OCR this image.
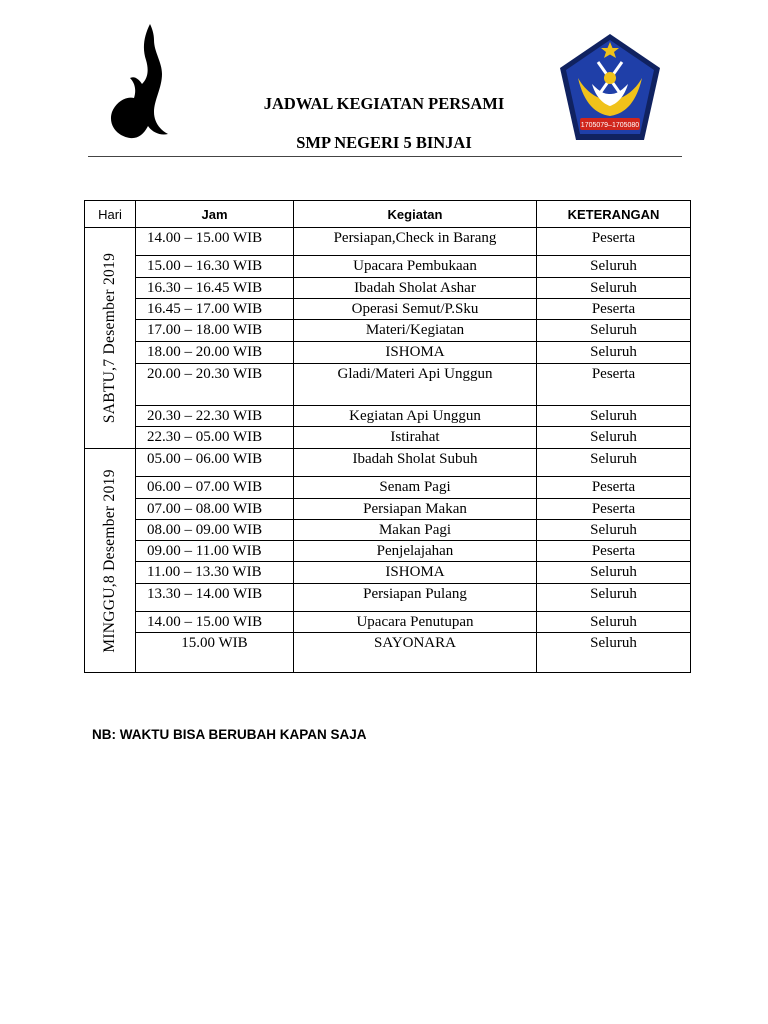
1705079–1705080
JADWAL KEGIATAN PERSAMI
SMP NEGERI 5 BINJAI
Hari	Jam	Kegiatan	KETERANGAN

SABTU,7 Desember 2019	14.00 – 15.00 WIB	Persiapan,Check in Barang	Peserta
	15.00 – 16.30 WIB	Upacara Pembukaan	Seluruh
	16.30 – 16.45 WIB	Ibadah Sholat Ashar	Seluruh
	16.45 – 17.00 WIB	Operasi Semut/P.Sku	Peserta
	17.00 – 18.00 WIB	Materi/Kegiatan	Seluruh
	18.00 – 20.00 WIB	ISHOMA	Seluruh
	20.00 – 20.30 WIB	Gladi/Materi Api Unggun	Peserta
	20.30 – 22.30 WIB	Kegiatan Api Unggun	Seluruh
	22.30 – 05.00 WIB	Istirahat	Seluruh

MINGGU,8 Desember 2019	05.00 – 06.00 WIB	Ibadah Sholat Subuh	Seluruh
	06.00 – 07.00 WIB	Senam Pagi	Peserta
	07.00 – 08.00 WIB	Persiapan Makan	Peserta
	08.00 – 09.00 WIB	Makan Pagi	Seluruh
	09.00 – 11.00 WIB	Penjelajahan	Peserta
	11.00 – 13.30 WIB	ISHOMA	Seluruh
	13.30 – 14.00 WIB	Persiapan Pulang	Seluruh
	14.00 – 15.00 WIB	Upacara Penutupan	Seluruh
	15.00 WIB	SAYONARA	Seluruh
NB: WAKTU BISA BERUBAH KAPAN SAJA
